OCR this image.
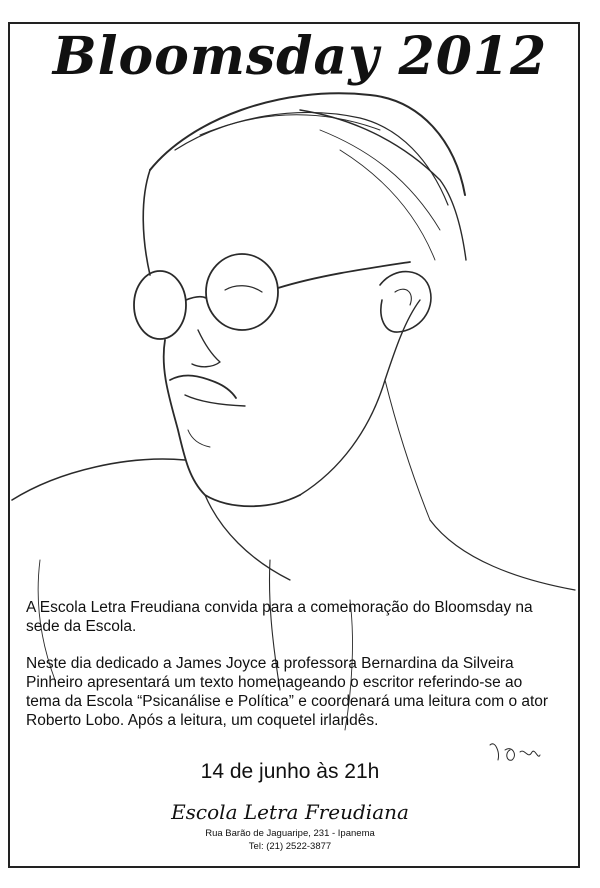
Bloomsday 2012

A Escola Letra Freudiana convida para a comemoração do Bloomsday na sede da Escola.

Neste dia dedicado a James Joyce a professora Bernardina da Silveira Pinheiro apresentará um texto homenageando o escritor referindo-se ao tema da Escola “Psicanálise e Política” e coordenará uma leitura com o ator Roberto Lobo. Após a leitura, um coquetel irlandês.

14 de junho às 21h
Escola Letra Freudiana
Rua Barão de Jaguaripe, 231 - Ipanema
Tel: (21) 2522-3877
